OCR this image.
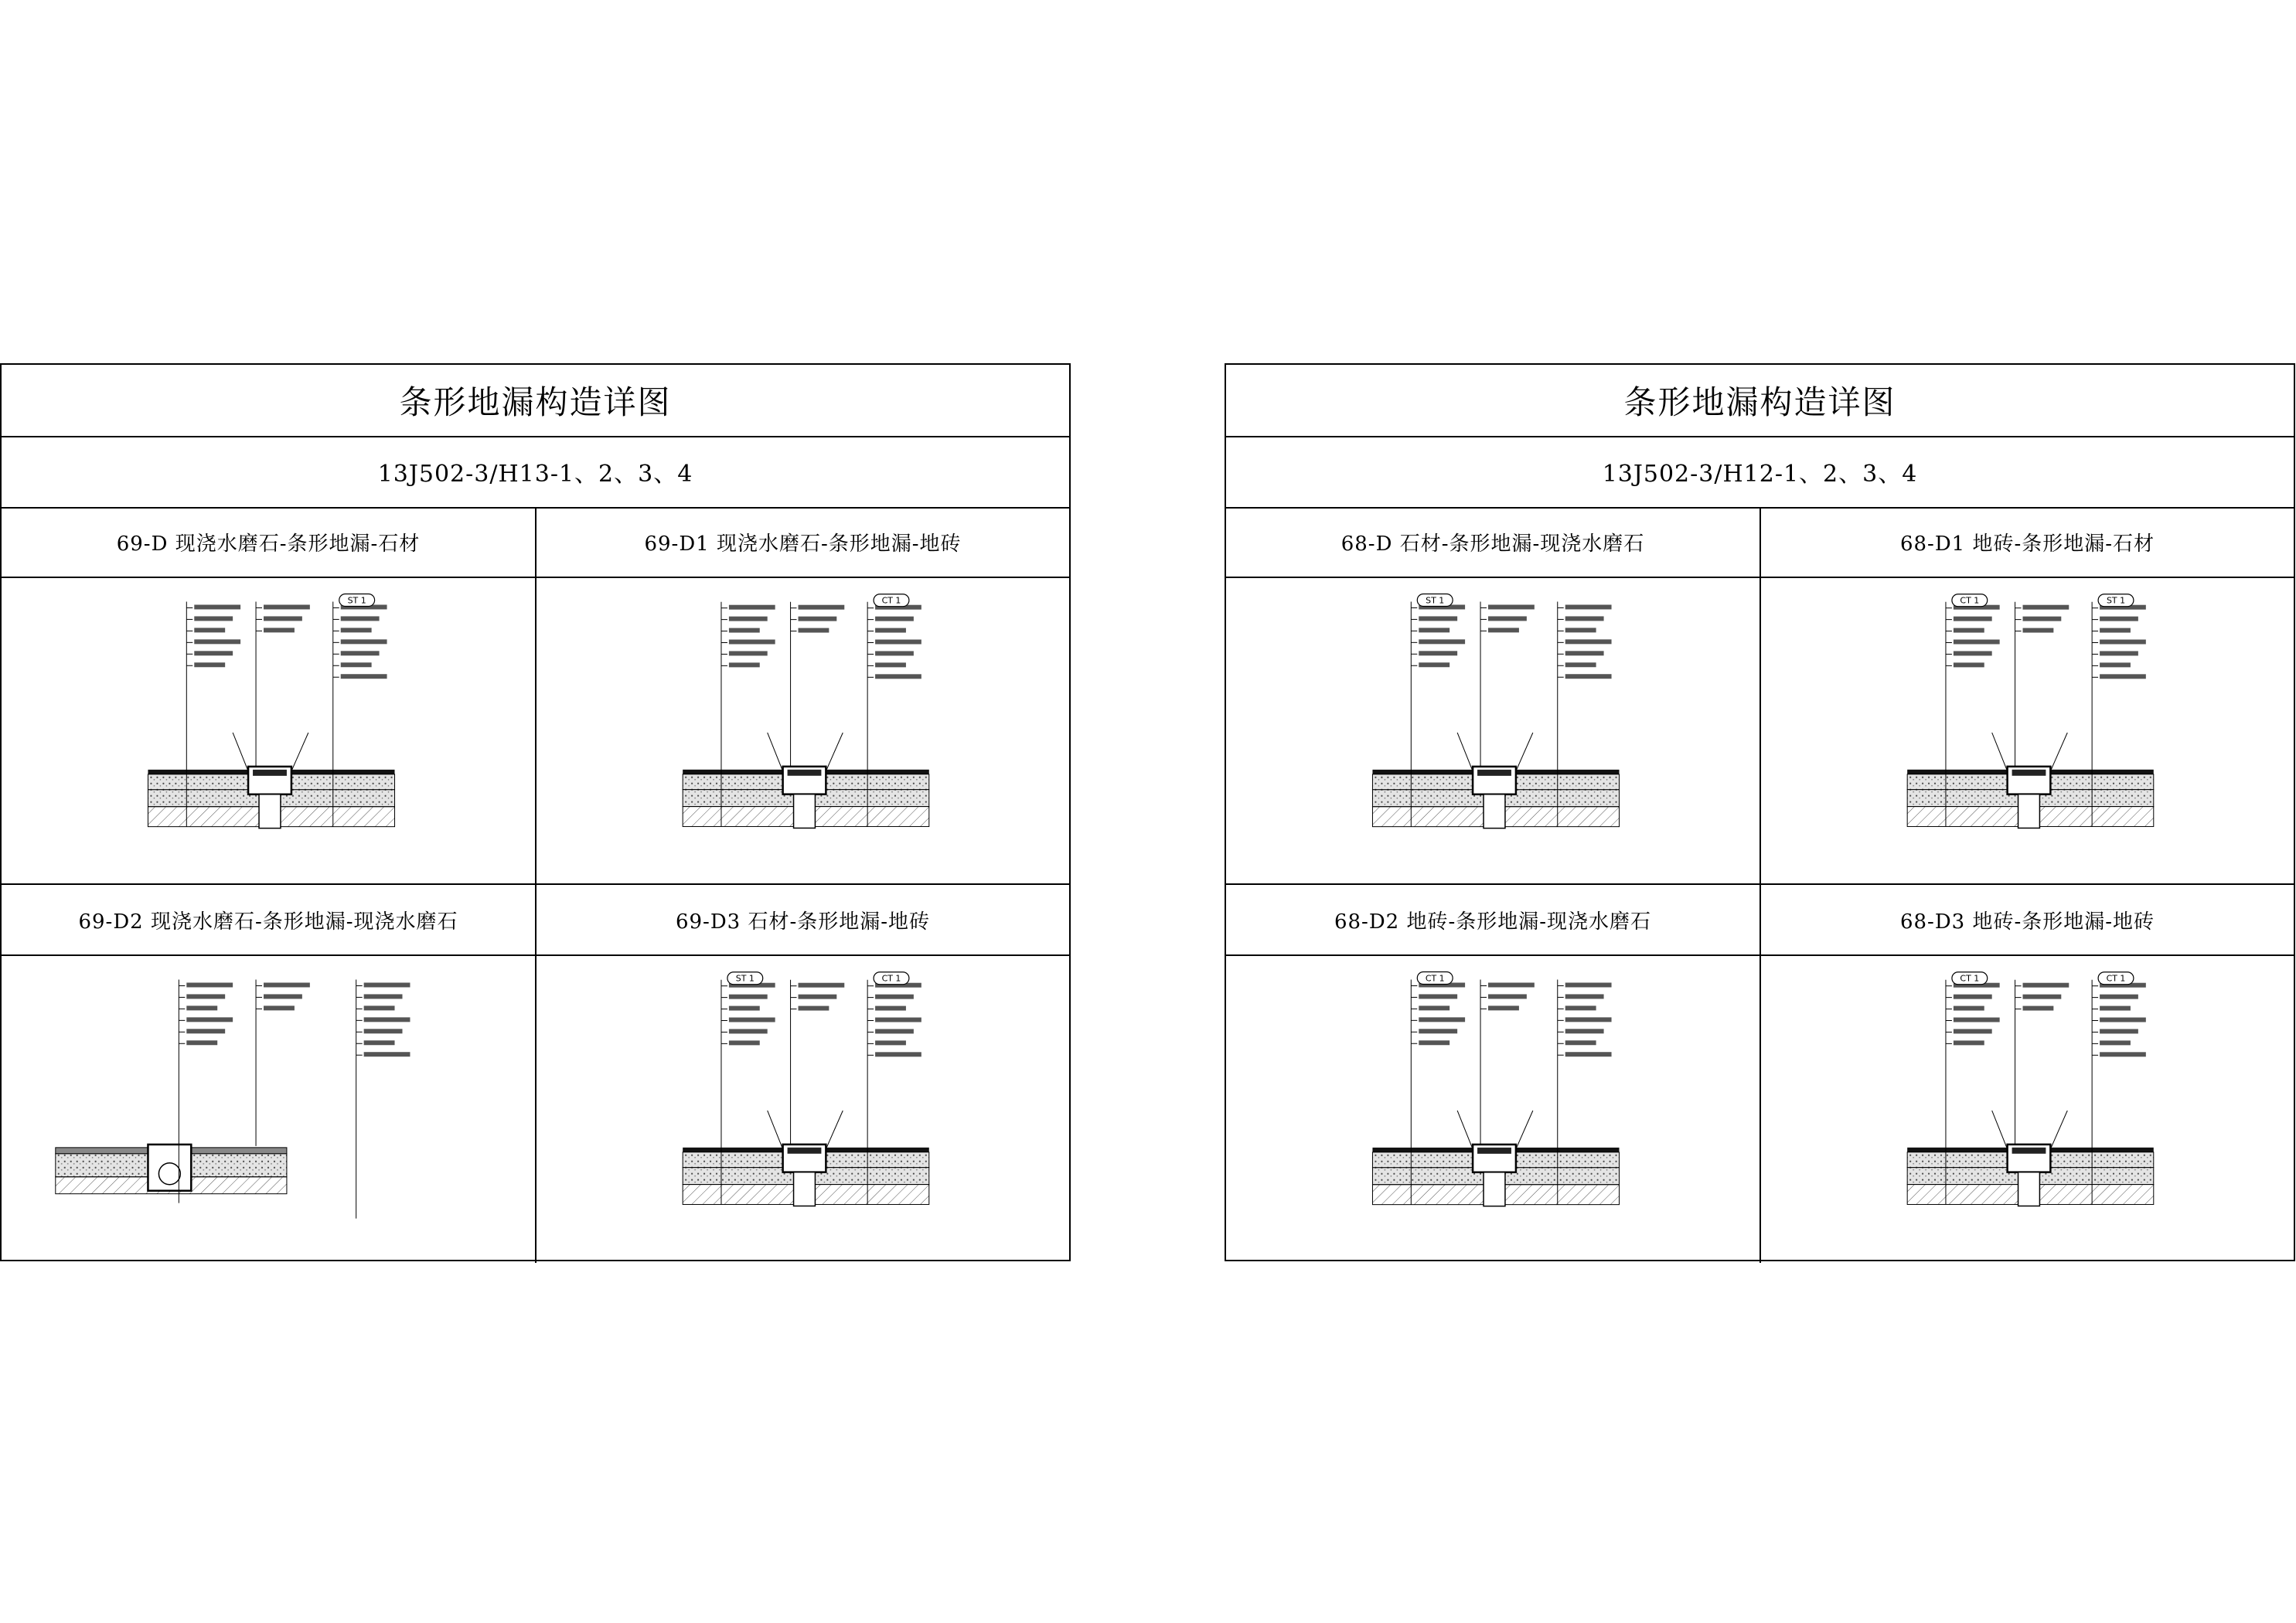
条形地漏构造详图
13J502-3/H13-1、2、3、4
69-D 现浇水磨石-条形地漏-石材
ST 1
69-D1 现浇水磨石-条形地漏-地砖
CT 1
69-D2 现浇水磨石-条形地漏-现浇水磨石	69-D3 石材-条形地漏-地砖
ST 1	CT 1
条形地漏构造详图
13J502-3/H12-1、2、3、4
68-D 石材-条形地漏-现浇水磨石
ST 1
68-D1 地砖-条形地漏-石材
CT 1	ST 1
68-D2 地砖-条形地漏-现浇水磨石
CT 1
68-D3 地砖-条形地漏-地砖
CT 1	CT 1
